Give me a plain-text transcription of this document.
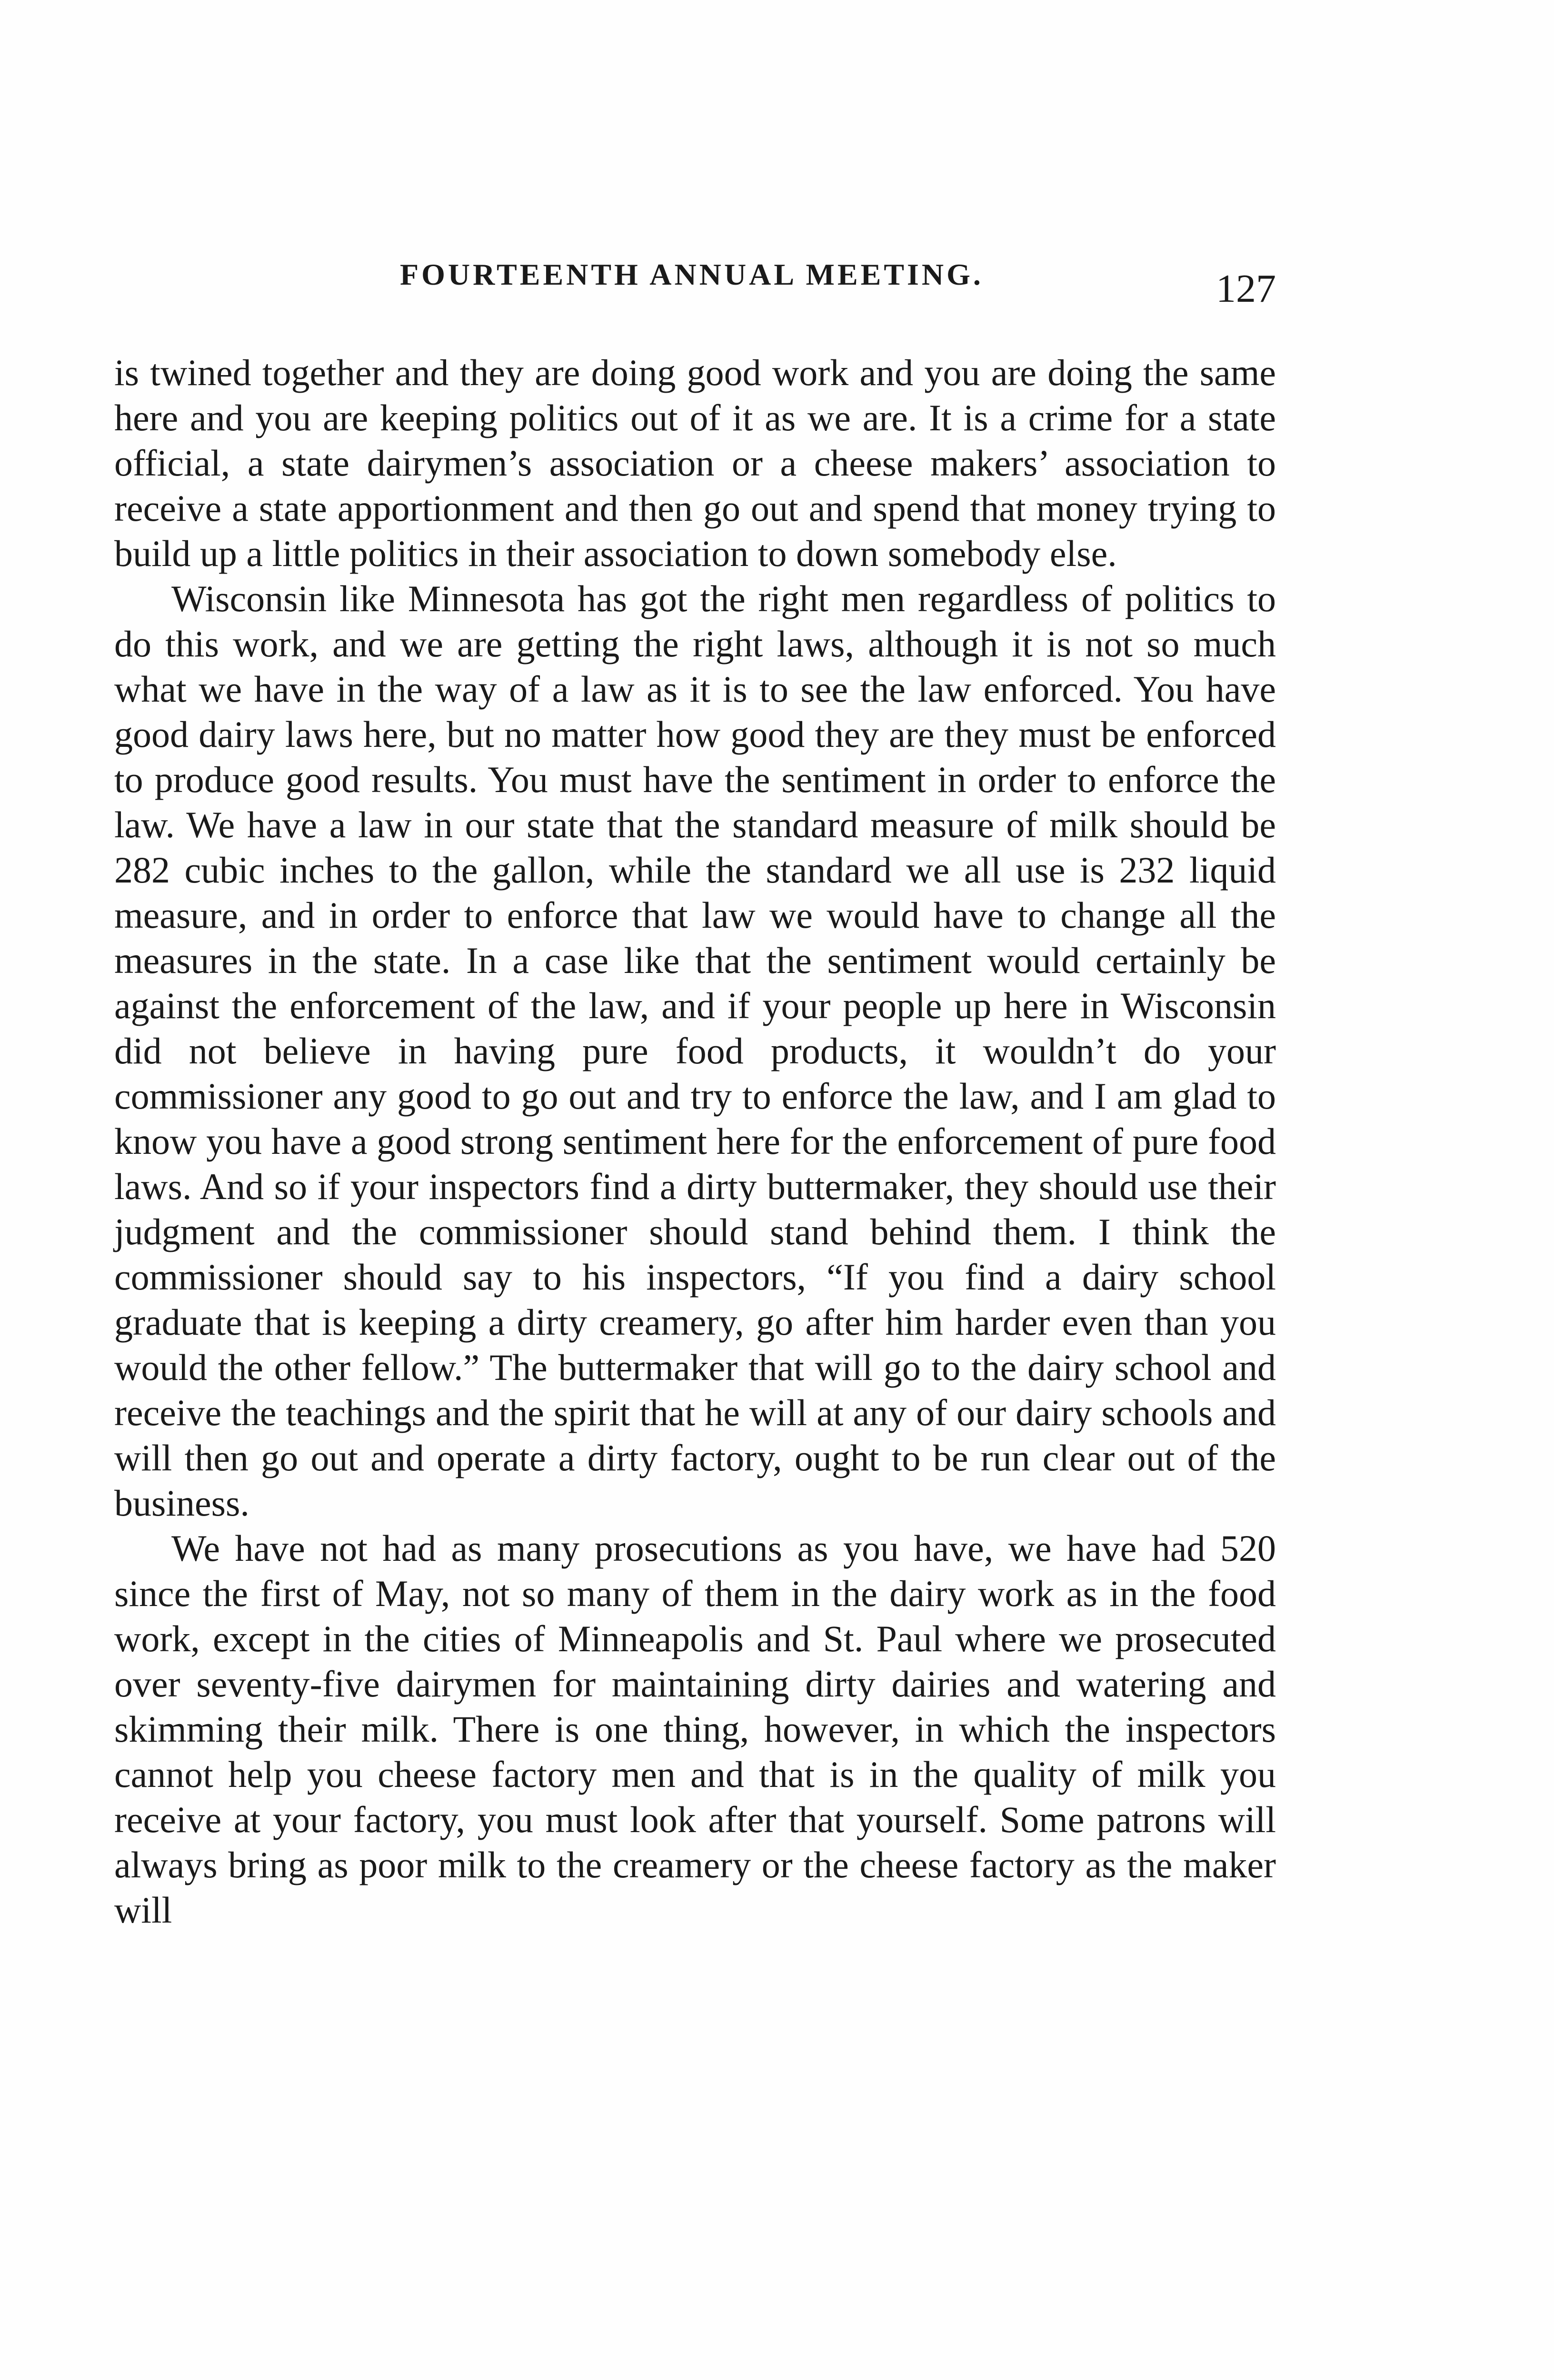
FOURTEENTH ANNUAL MEETING.	127

is twined together and they are doing good work and you are doing the same here and you are keeping politics out of it as we are. It is a crime for a state official, a state dairymen’s association or a cheese makers’ association to receive a state apportionment and then go out and spend that money trying to build up a little politics in their association to down somebody else.

Wisconsin like Minnesota has got the right men regardless of politics to do this work, and we are getting the right laws, although it is not so much what we have in the way of a law as it is to see the law enforced. You have good dairy laws here, but no matter how good they are they must be enforced to produce good results. You must have the sentiment in order to enforce the law. We have a law in our state that the standard measure of milk should be 282 cubic inches to the gallon, while the standard we all use is 232 liquid measure, and in order to enforce that law we would have to change all the measures in the state. In a case like that the sentiment would certainly be against the enforcement of the law, and if your people up here in Wisconsin did not believe in having pure food products, it wouldn’t do your commissioner any good to go out and try to enforce the law, and I am glad to know you have a good strong sentiment here for the enforcement of pure food laws. And so if your inspectors find a dirty buttermaker, they should use their judgment and the commissioner should stand behind them. I think the commissioner should say to his inspectors, “If you find a dairy school graduate that is keeping a dirty creamery, go after him harder even than you would the other fellow.” The buttermaker that will go to the dairy school and receive the teachings and the spirit that he will at any of our dairy schools and will then go out and operate a dirty factory, ought to be run clear out of the business.

We have not had as many prosecutions as you have, we have had 520 since the first of May, not so many of them in the dairy work as in the food work, except in the cities of Minneapolis and St. Paul where we prosecuted over seventy-five dairymen for maintaining dirty dairies and watering and skimming their milk. There is one thing, however, in which the inspectors cannot help you cheese factory men and that is in the quality of milk you receive at your factory, you must look after that yourself. Some patrons will always bring as poor milk to the creamery or the cheese factory as the maker will
